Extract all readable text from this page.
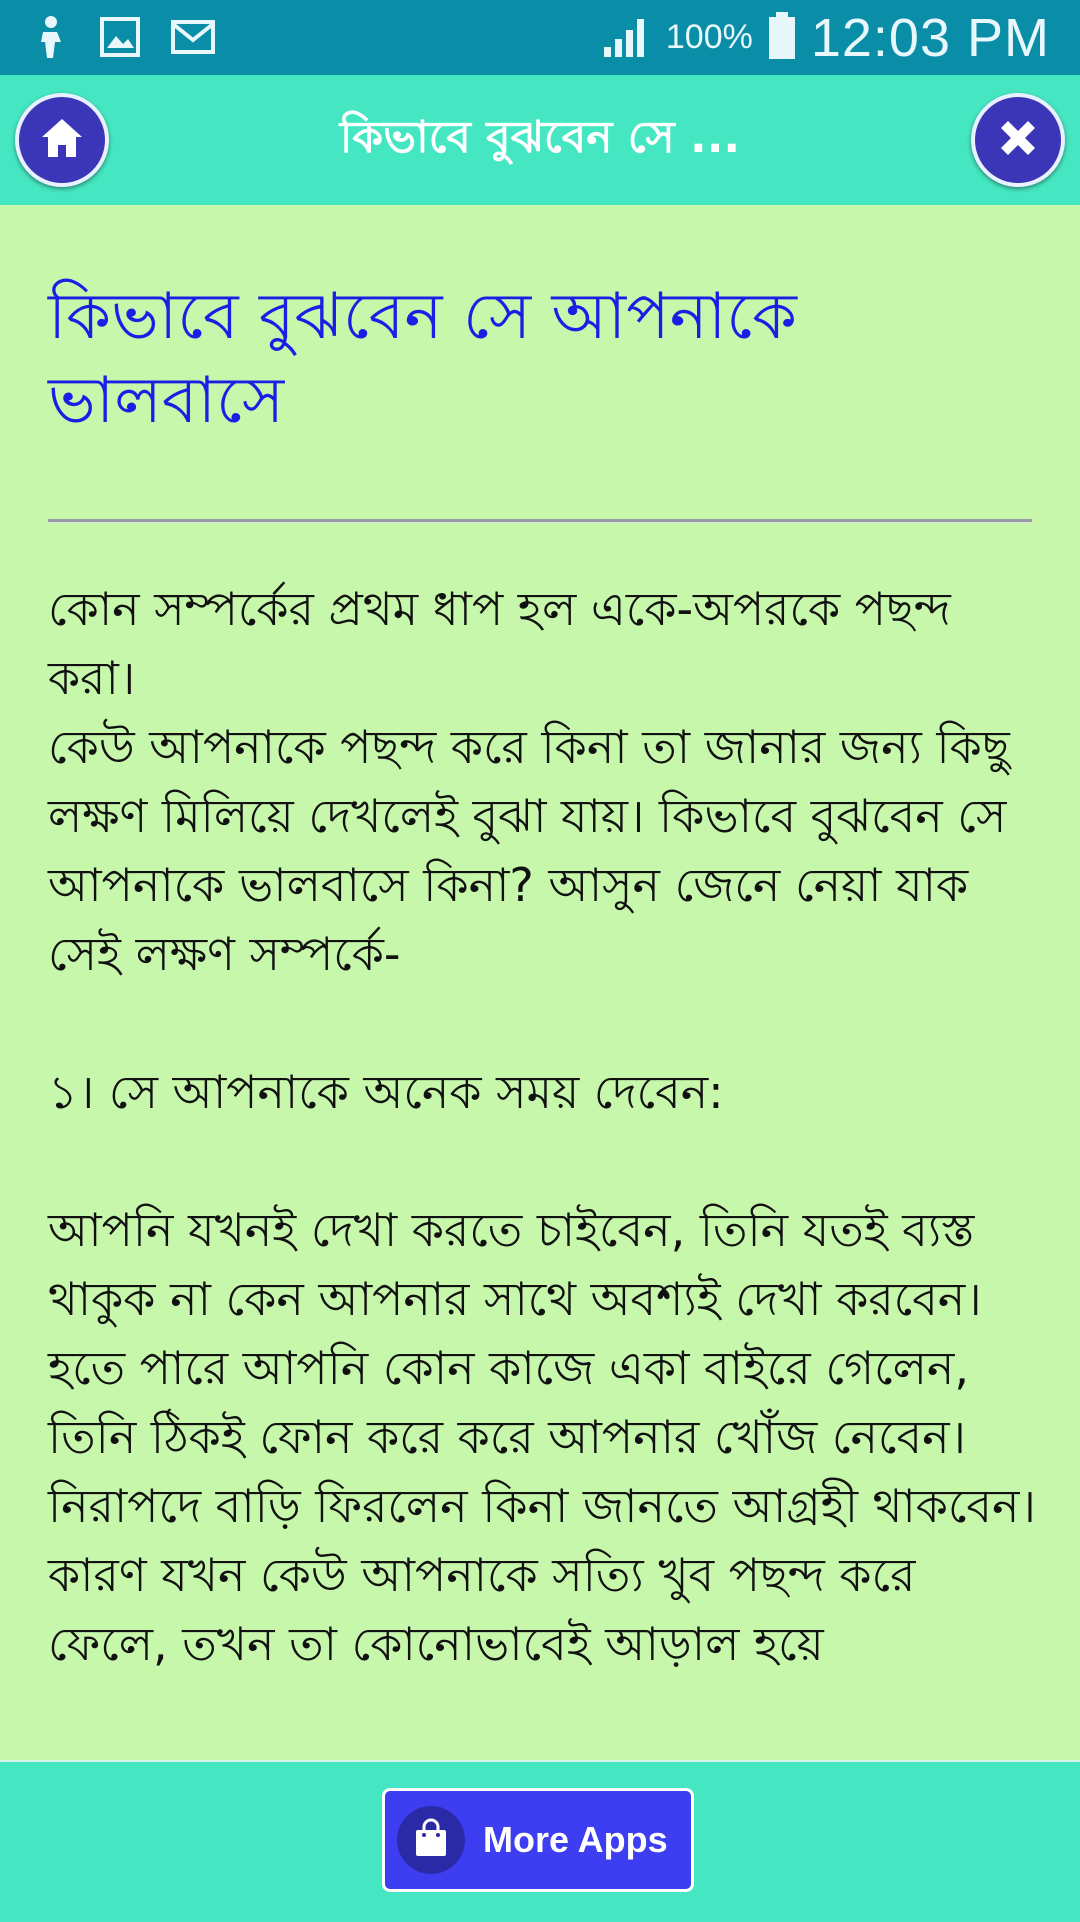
100% 12:03 PM
কিভাবে বুঝবেন সে ...
কিভাবে বুঝবেন সে আপনাকে ভালবাসে
কোন সম্পর্কের প্রথম ধাপ হল একে-অপরকে পছন্দ করা।
কেউ আপনাকে পছন্দ করে কিনা তা জানার জন্য কিছু লক্ষণ মিলিয়ে দেখলেই বুঝা যায়। কিভাবে বুঝবেন সে আপনাকে ভালবাসে কিনা? আসুন জেনে নেয়া যাক সেই লক্ষণ সম্পর্কে-

১। সে আপনাকে অনেক সময় দেবেন:

আপনি যখনই দেখা করতে চাইবেন, তিনি যতই ব্যস্ত থাকুক না কেন আপনার সাথে অবশ্যই দেখা করবেন। হতে পারে আপনি কোন কাজে একা বাইরে গেলেন, তিনি ঠিকই ফোন করে করে আপনার খোঁজ নেবেন। নিরাপদে বাড়ি ফিরলেন কিনা জানতে আগ্রহী থাকবেন। কারণ যখন কেউ আপনাকে সত্যি খুব পছন্দ করে ফেলে, তখন তা কোনোভাবেই আড়াল হয়ে
More Apps
